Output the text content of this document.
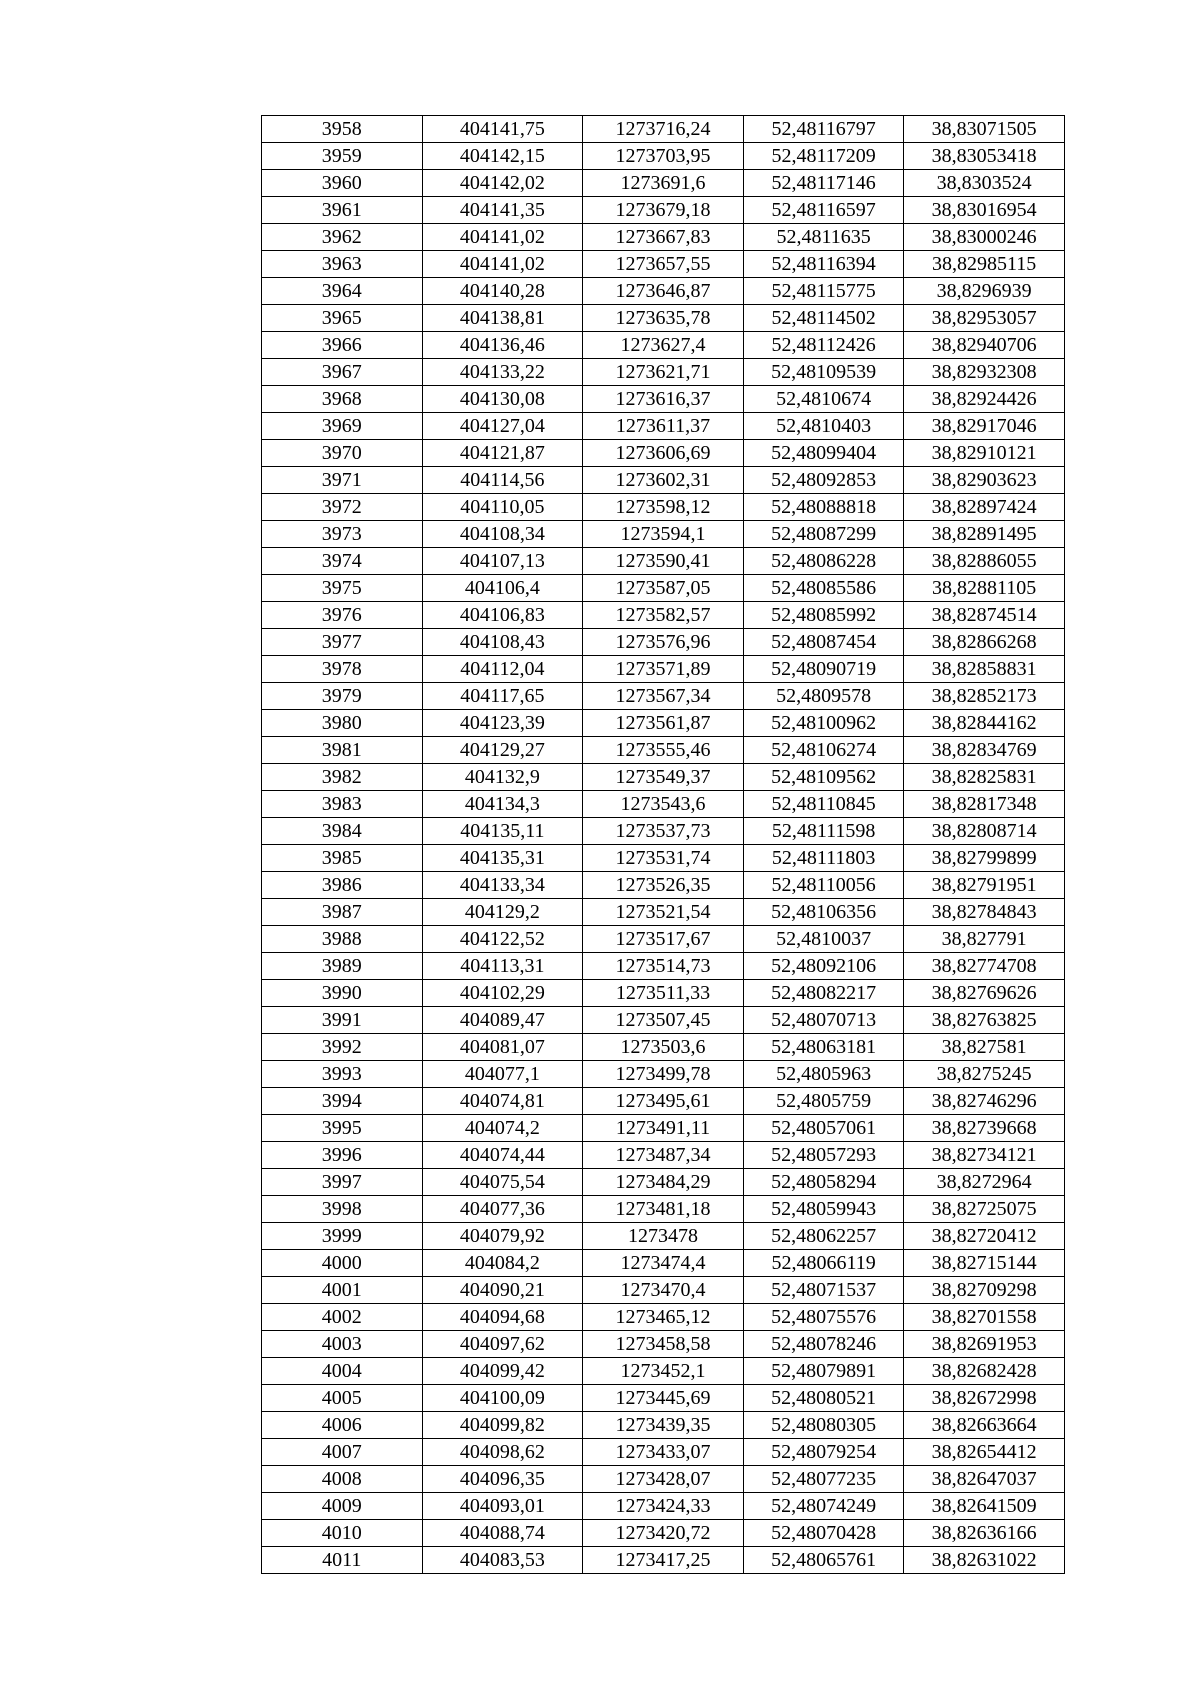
3958	404141,75	1273716,24	52,48116797	38,83071505
3959	404142,15	1273703,95	52,48117209	38,83053418
3960	404142,02	1273691,6	52,48117146	38,8303524
3961	404141,35	1273679,18	52,48116597	38,83016954
3962	404141,02	1273667,83	52,4811635	38,83000246
3963	404141,02	1273657,55	52,48116394	38,82985115
3964	404140,28	1273646,87	52,48115775	38,8296939
3965	404138,81	1273635,78	52,48114502	38,82953057
3966	404136,46	1273627,4	52,48112426	38,82940706
3967	404133,22	1273621,71	52,48109539	38,82932308
3968	404130,08	1273616,37	52,4810674	38,82924426
3969	404127,04	1273611,37	52,4810403	38,82917046
3970	404121,87	1273606,69	52,48099404	38,82910121
3971	404114,56	1273602,31	52,48092853	38,82903623
3972	404110,05	1273598,12	52,48088818	38,82897424
3973	404108,34	1273594,1	52,48087299	38,82891495
3974	404107,13	1273590,41	52,48086228	38,82886055
3975	404106,4	1273587,05	52,48085586	38,82881105
3976	404106,83	1273582,57	52,48085992	38,82874514
3977	404108,43	1273576,96	52,48087454	38,82866268
3978	404112,04	1273571,89	52,48090719	38,82858831
3979	404117,65	1273567,34	52,4809578	38,82852173
3980	404123,39	1273561,87	52,48100962	38,82844162
3981	404129,27	1273555,46	52,48106274	38,82834769
3982	404132,9	1273549,37	52,48109562	38,82825831
3983	404134,3	1273543,6	52,48110845	38,82817348
3984	404135,11	1273537,73	52,48111598	38,82808714
3985	404135,31	1273531,74	52,48111803	38,82799899
3986	404133,34	1273526,35	52,48110056	38,82791951
3987	404129,2	1273521,54	52,48106356	38,82784843
3988	404122,52	1273517,67	52,4810037	38,827791
3989	404113,31	1273514,73	52,48092106	38,82774708
3990	404102,29	1273511,33	52,48082217	38,82769626
3991	404089,47	1273507,45	52,48070713	38,82763825
3992	404081,07	1273503,6	52,48063181	38,827581
3993	404077,1	1273499,78	52,4805963	38,8275245
3994	404074,81	1273495,61	52,4805759	38,82746296
3995	404074,2	1273491,11	52,48057061	38,82739668
3996	404074,44	1273487,34	52,48057293	38,82734121
3997	404075,54	1273484,29	52,48058294	38,8272964
3998	404077,36	1273481,18	52,48059943	38,82725075
3999	404079,92	1273478	52,48062257	38,82720412
4000	404084,2	1273474,4	52,48066119	38,82715144
4001	404090,21	1273470,4	52,48071537	38,82709298
4002	404094,68	1273465,12	52,48075576	38,82701558
4003	404097,62	1273458,58	52,48078246	38,82691953
4004	404099,42	1273452,1	52,48079891	38,82682428
4005	404100,09	1273445,69	52,48080521	38,82672998
4006	404099,82	1273439,35	52,48080305	38,82663664
4007	404098,62	1273433,07	52,48079254	38,82654412
4008	404096,35	1273428,07	52,48077235	38,82647037
4009	404093,01	1273424,33	52,48074249	38,82641509
4010	404088,74	1273420,72	52,48070428	38,82636166
4011	404083,53	1273417,25	52,48065761	38,82631022
